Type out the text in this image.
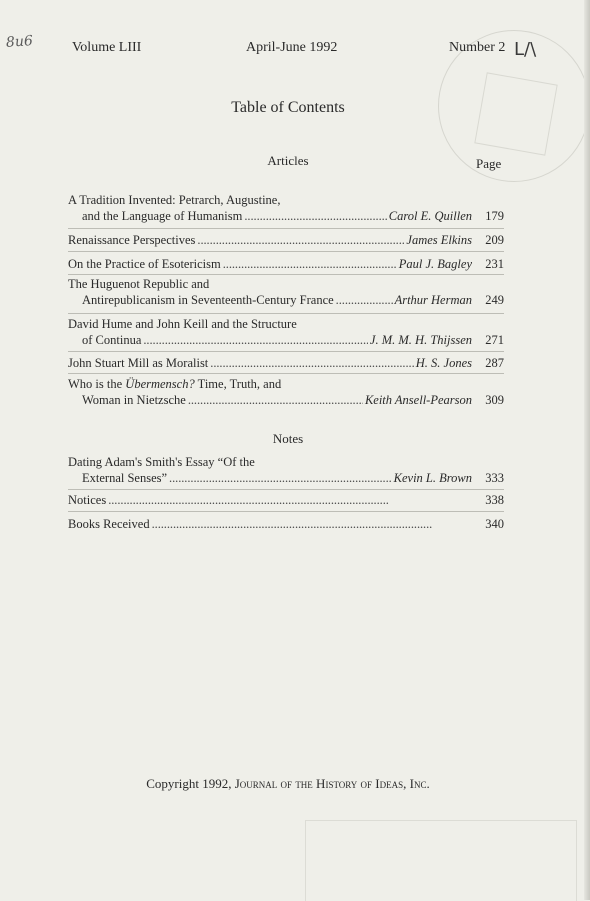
8u6	Volume LIII	April-June 1992	Number 2 L/\
Table of Contents
Articles	Page
A Tradition Invented: Petrarch, Augustine,
and the Language of Humanism . . .	Carol E. Quillen	179
Renaissance Perspectives . . .	James Elkins	209
On the Practice of Esotericism . . .	Paul J. Bagley	231
The Huguenot Republic and
Antirepublicanism in Seventeenth-Century France . . .	Arthur Herman	249
David Hume and John Keill and the Structure
of Continua . . .	J. M. M. H. Thijssen	271
John Stuart Mill as Moralist . . .	H. S. Jones	287
Who is the Übermensch? Time, Truth, and
Woman in Nietzsche . . .	Keith Ansell-Pearson	309
Notes
Dating Adam's Smith's Essay “Of the
External Senses” . . .	Kevin L. Brown	333
Notices . . .	338
Books Received . . .	340
Copyright 1992, Journal of the History of Ideas, Inc.
